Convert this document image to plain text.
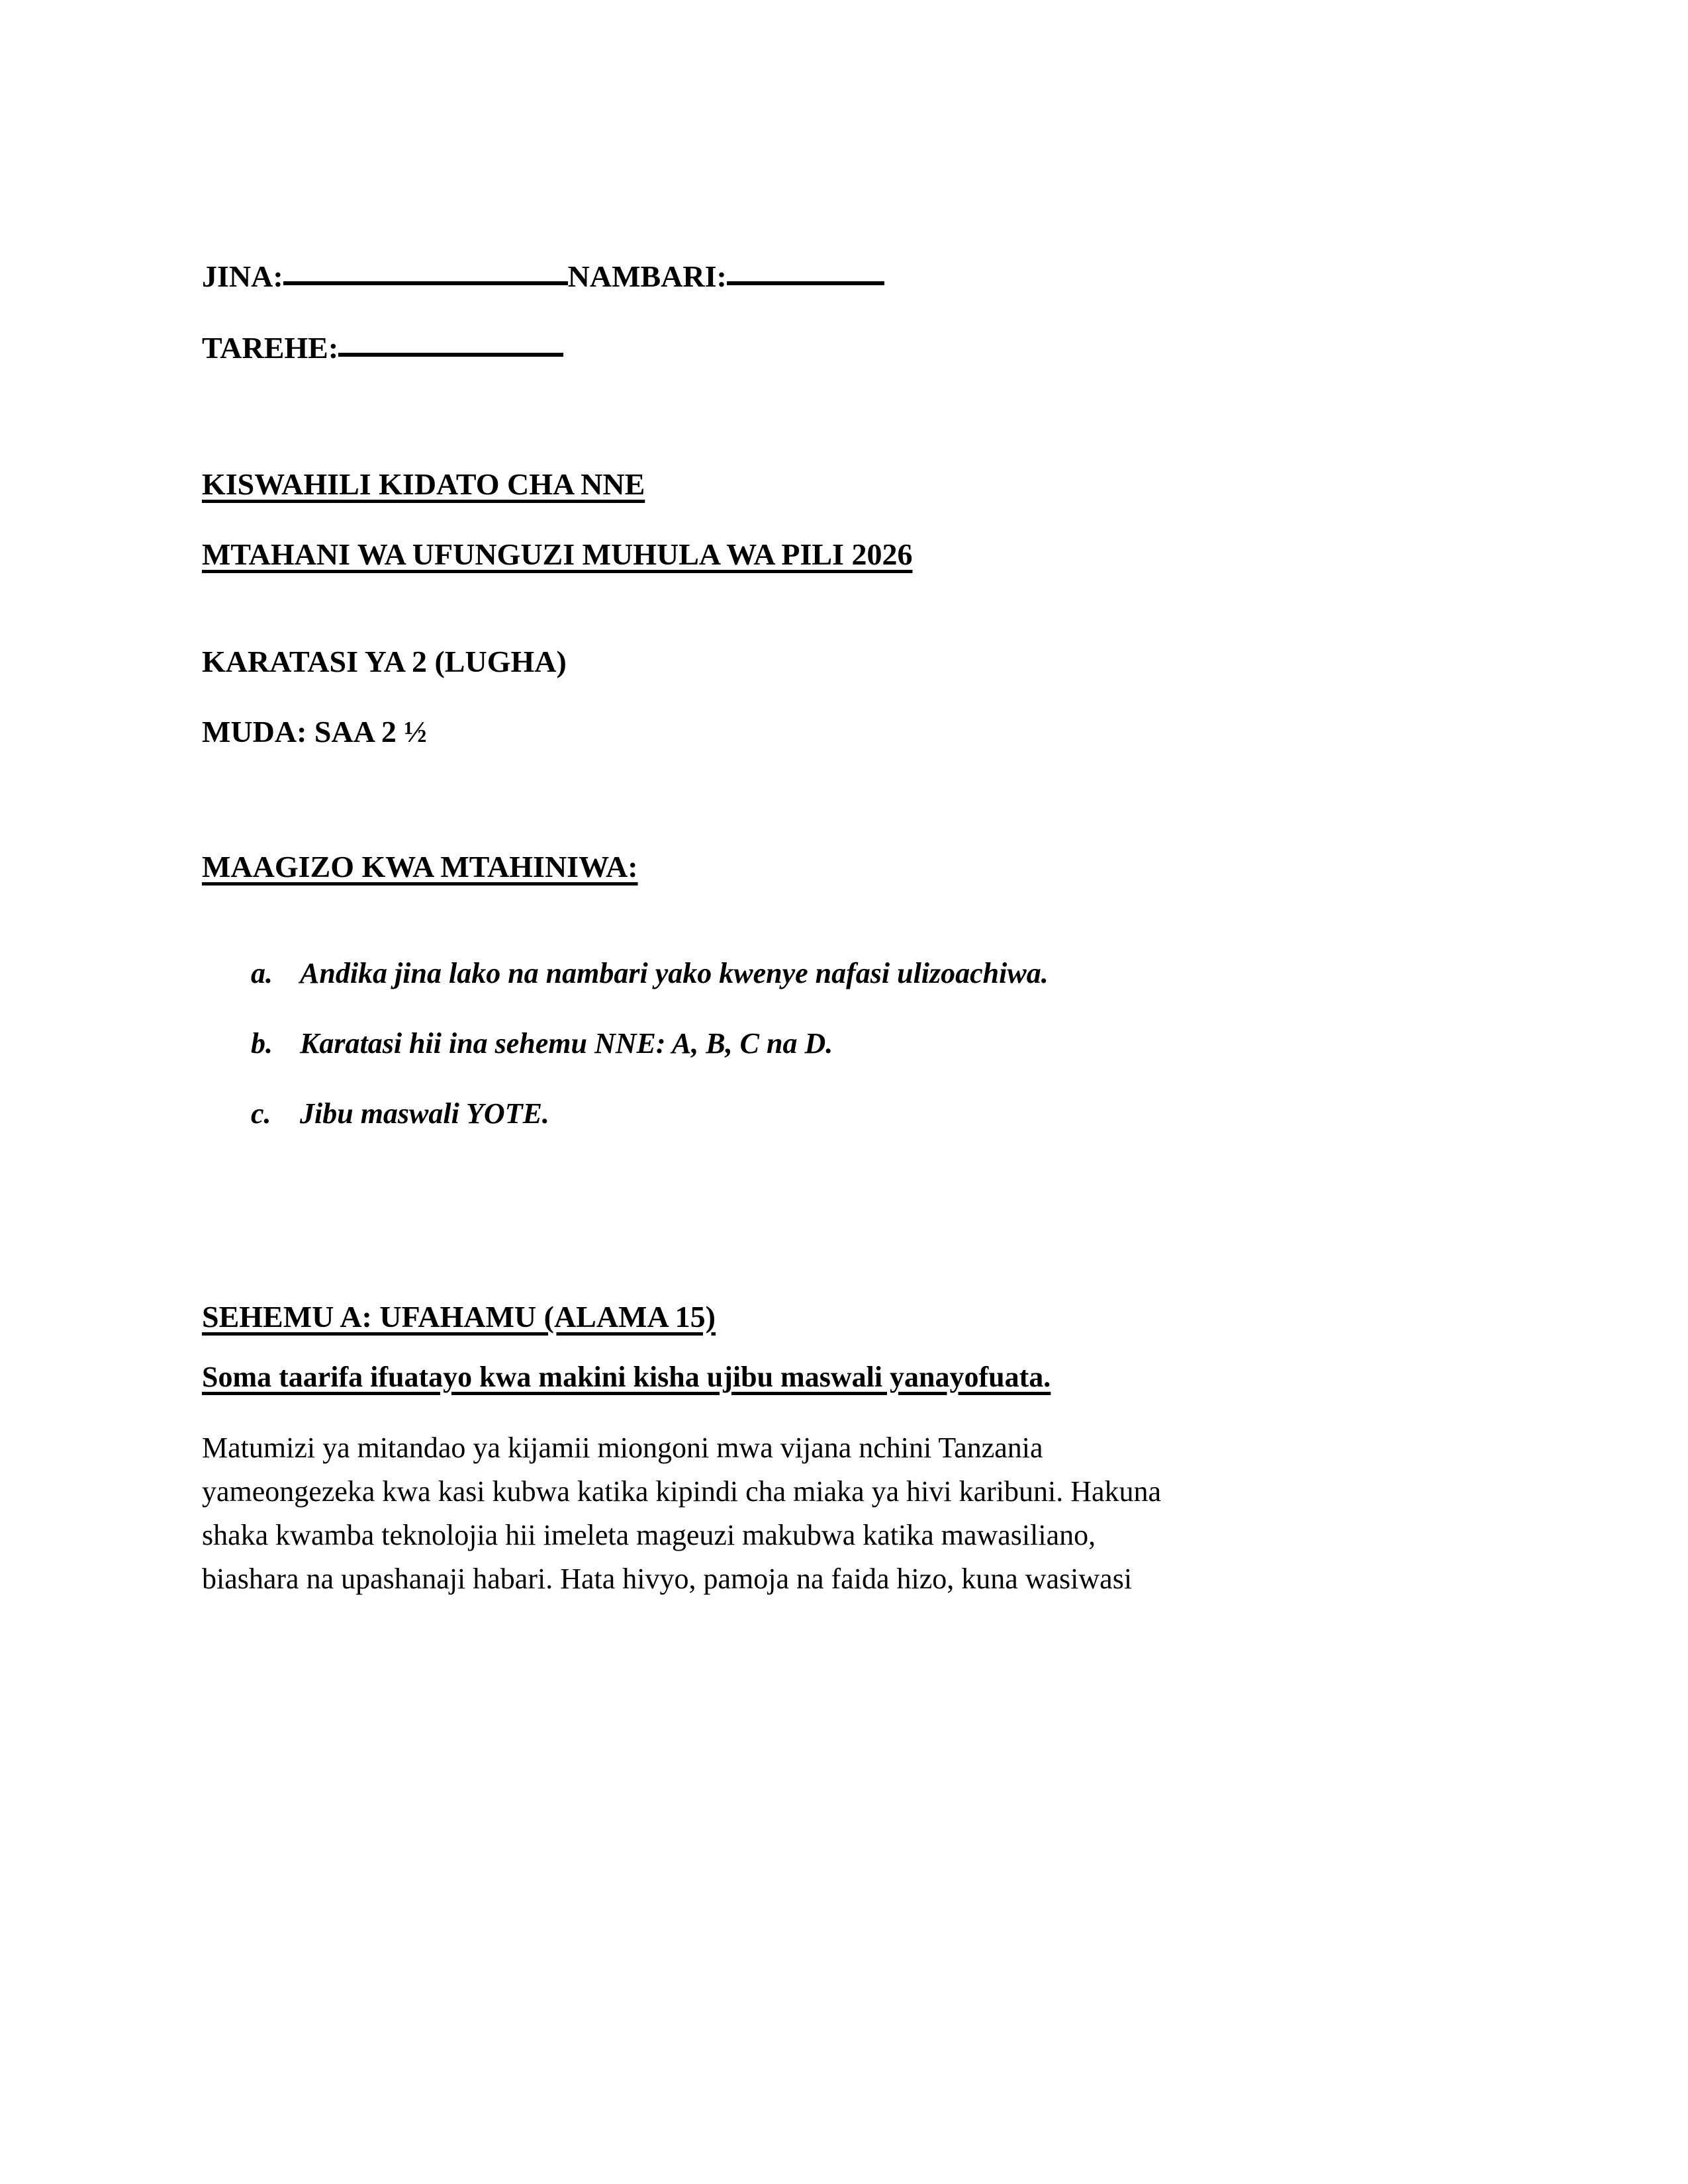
JINA:	NAMBARI:
TAREHE:
KISWAHILI KIDATO CHA NNE
MTAHANI WA UFUNGUZI MUHULA WA PILI 2026
KARATASI YA 2 (LUGHA)
MUDA: SAA 2 ½
MAAGIZO KWA MTAHINIWA:
a. Andika jina lako na nambari yako kwenye nafasi ulizoachiwa.
b. Karatasi hii ina sehemu NNE: A, B, C na D.
c. Jibu maswali YOTE.
SEHEMU A: UFAHAMU (ALAMA 15)
Soma taarifa ifuatayo kwa makini kisha ujibu maswali yanayofuata.
Matumizi ya mitandao ya kijamii miongoni mwa vijana nchini Tanzania
yameongezeka kwa kasi kubwa katika kipindi cha miaka ya hivi karibuni. Hakuna
shaka kwamba teknolojia hii imeleta mageuzi makubwa katika mawasiliano,
biashara na upashanaji habari. Hata hivyo, pamoja na faida hizo, kuna wasiwasi
